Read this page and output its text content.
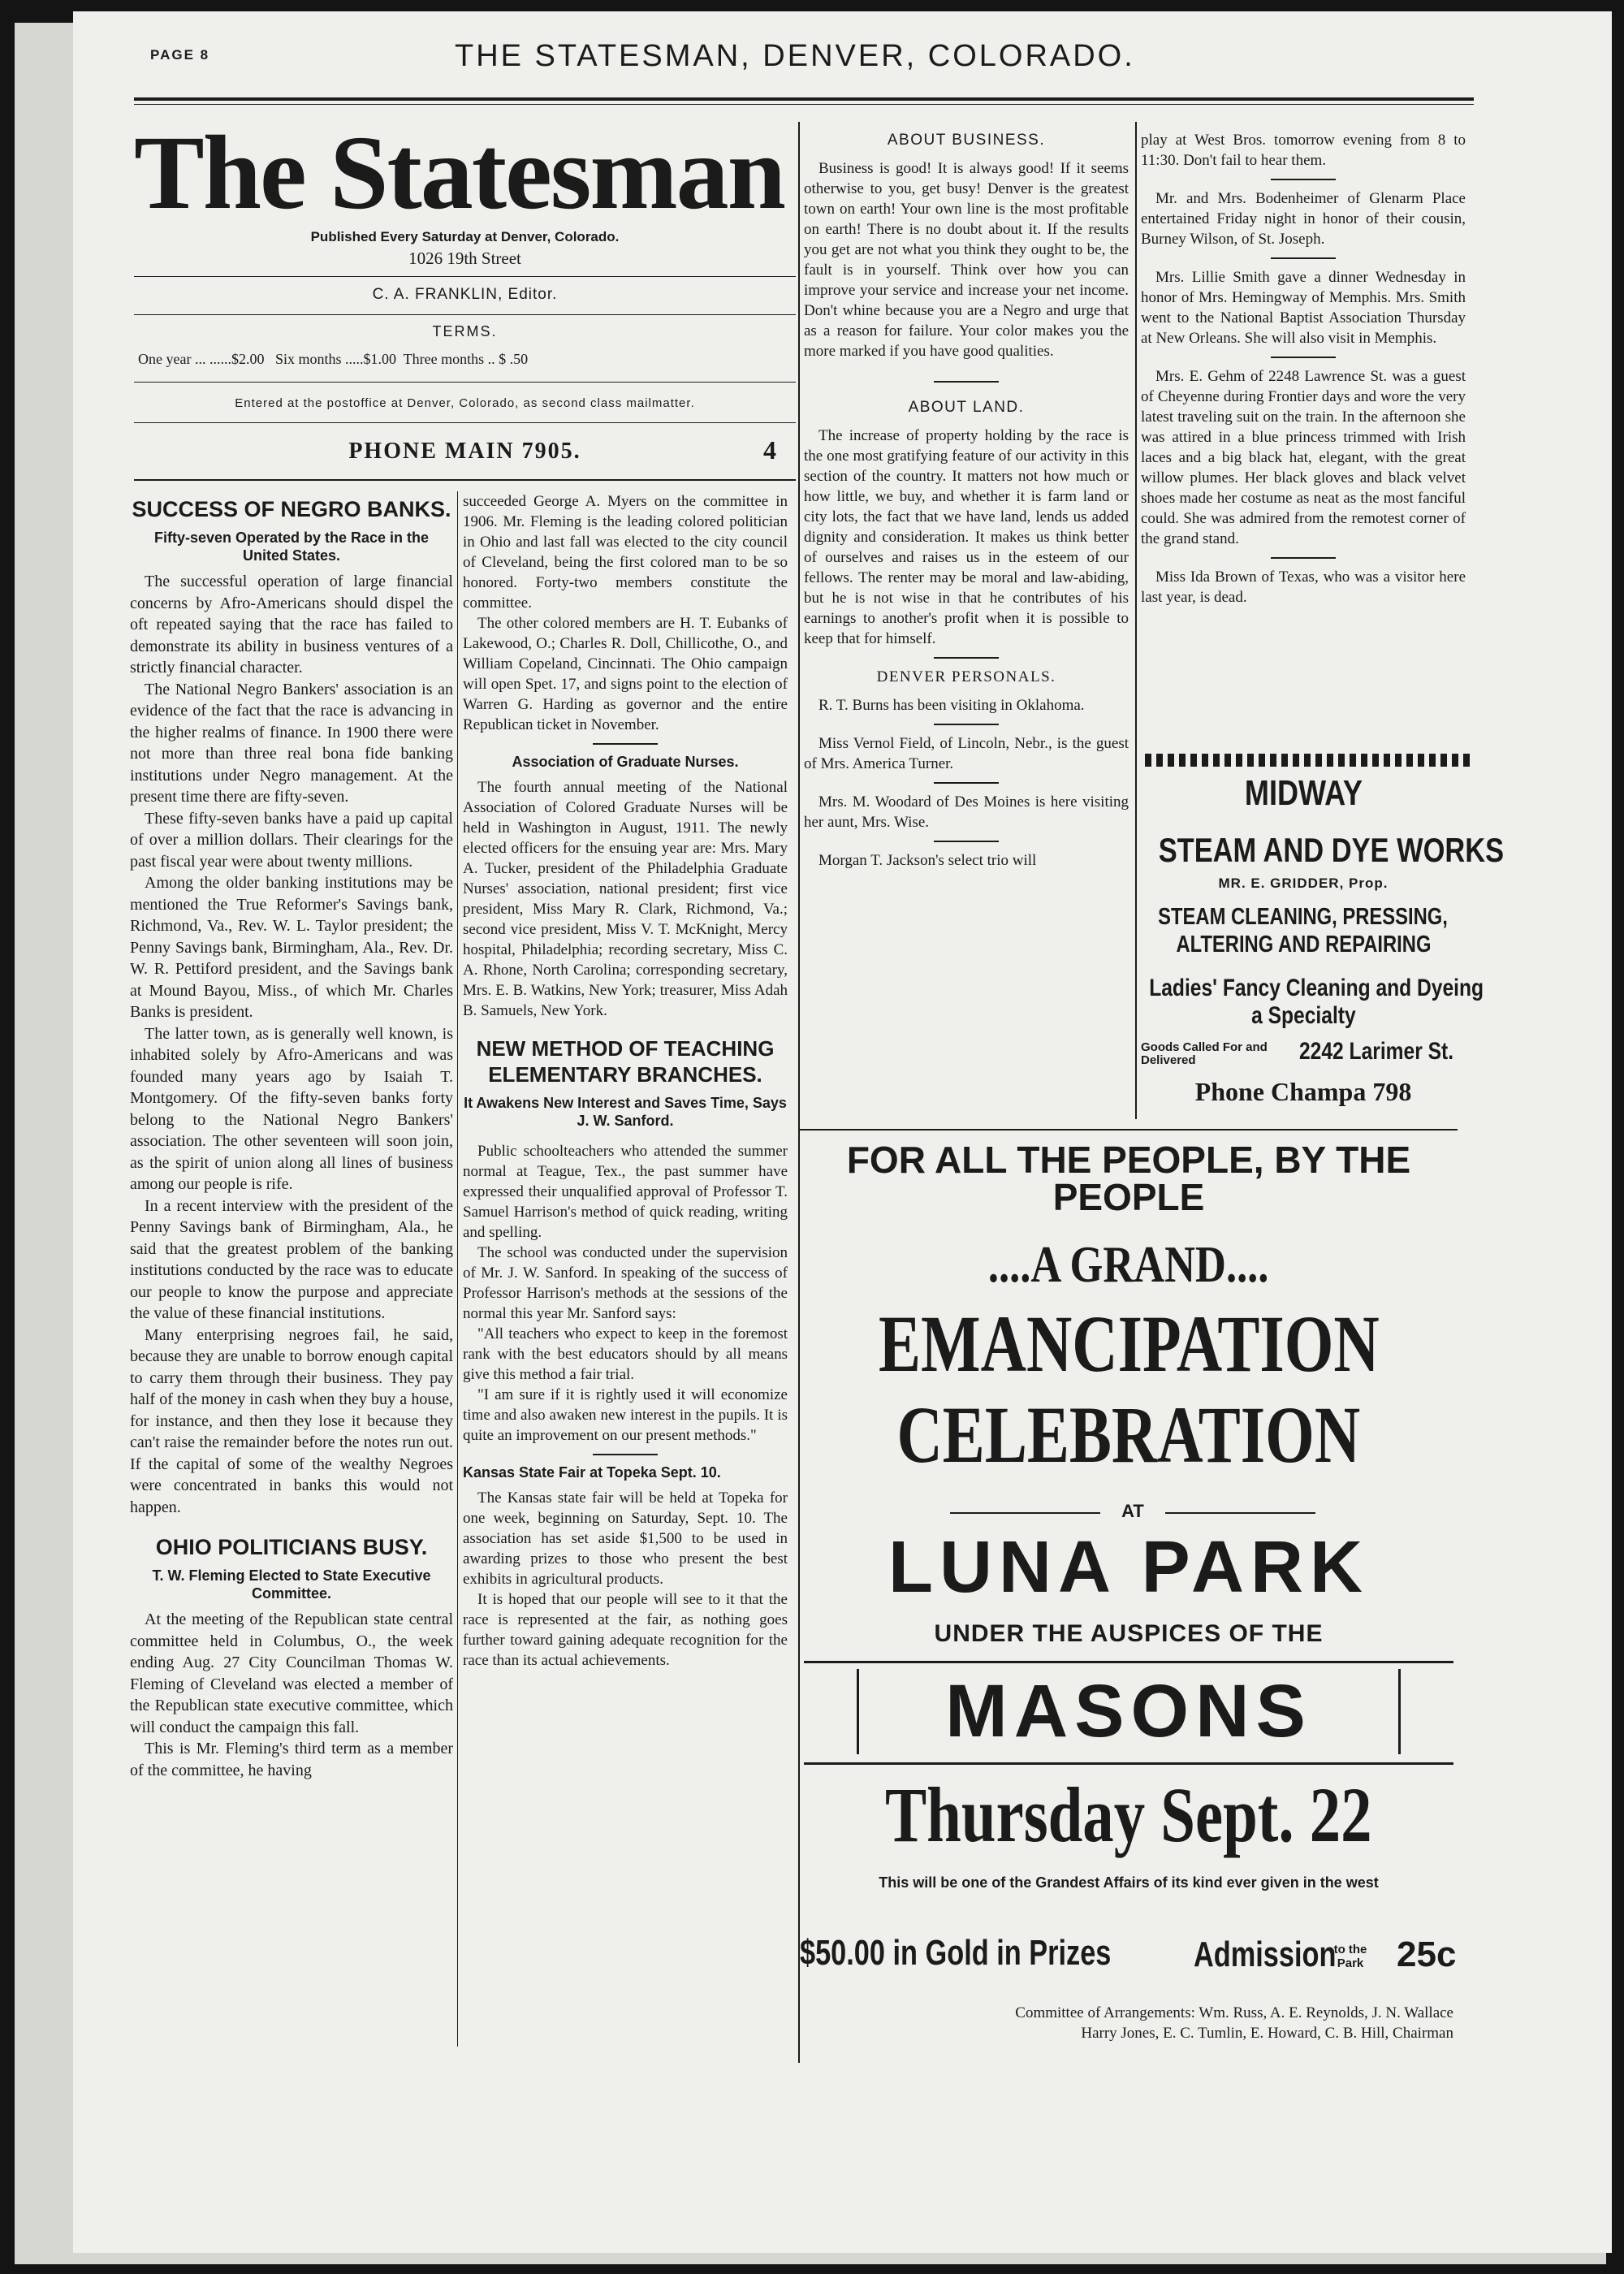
PAGE 8	THE STATESMAN, DENVER, COLORADO.
The Statesman
Published Every Saturday at Denver, Colorado.
1026 19th Street
C. A. FRANKLIN, Editor.
TERMS.
One year ... ......$2.00   Six months .....$1.00  Three months .. $ .50
Entered at the postoffice at Denver, Colorado, as second class mailmatter.
PHONE MAIN 7905.	4
SUCCESS OF NEGRO BANKS.
Fifty-seven Operated by the Race in the United States.

The successful operation of large financial concerns by Afro-Americans should dispel the oft repeated saying that the race has failed to demonstrate its ability in business ventures of a strictly financial character.

The National Negro Bankers' association is an evidence of the fact that the race is advancing in the higher realms of finance. In 1900 there were not more than three real bona fide banking institutions under Negro management. At the present time there are fifty-seven.

These fifty-seven banks have a paid up capital of over a million dollars. Their clearings for the past fiscal year were about twenty millions.

Among the older banking institutions may be mentioned the True Reformer's Savings bank, Richmond, Va., Rev. W. L. Taylor president; the Penny Savings bank, Birmingham, Ala., Rev. Dr. W. R. Pettiford president, and the Savings bank at Mound Bayou, Miss., of which Mr. Charles Banks is president.

The latter town, as is generally well known, is inhabited solely by Afro-Americans and was founded many years ago by Isaiah T. Montgomery. Of the fifty-seven banks forty belong to the National Negro Bankers' association. The other seventeen will soon join, as the spirit of union along all lines of business among our people is rife.

In a recent interview with the president of the Penny Savings bank of Birmingham, Ala., he said that the greatest problem of the banking institutions conducted by the race was to educate our people to know the purpose and appreciate the value of these financial institutions.

Many enterprising negroes fail, he said, because they are unable to borrow enough capital to carry them through their business. They pay half of the money in cash when they buy a house, for instance, and then they lose it because they can't raise the remainder before the notes run out. If the capital of some of the wealthy Negroes were concentrated in banks this would not happen.

OHIO POLITICIANS BUSY.
T. W. Fleming Elected to State Executive Committee.

At the meeting of the Republican state central committee held in Columbus, O., the week ending Aug. 27 City Councilman Thomas W. Fleming of Cleveland was elected a member of the Republican state executive committee, which will conduct the campaign this fall.

This is Mr. Fleming's third term as a member of the committee, he having

succeeded George A. Myers on the committee in 1906. Mr. Fleming is the leading colored politician in Ohio and last fall was elected to the city council of Cleveland, being the first colored man to be so honored. Forty-two members constitute the committee.

The other colored members are H. T. Eubanks of Lakewood, O.; Charles R. Doll, Chillicothe, O., and William Copeland, Cincinnati. The Ohio campaign will open Spet. 17, and signs point to the election of Warren G. Harding as governor and the entire Republican ticket in November.

Association of Graduate Nurses.

The fourth annual meeting of the National Association of Colored Graduate Nurses will be held in Washington in August, 1911. The newly elected officers for the ensuing year are: Mrs. Mary A. Tucker, president of the Philadelphia Graduate Nurses' association, national president; first vice president, Miss Mary R. Clark, Richmond, Va.; second vice president, Miss V. T. McKnight, Mercy hospital, Philadelphia; recording secretary, Miss C. A. Rhone, North Carolina; corresponding secretary, Mrs. E. B. Watkins, New York; treasurer, Miss Adah B. Samuels, New York.

NEW METHOD OF TEACHING ELEMENTARY BRANCHES.
It Awakens New Interest and Saves Time, Says J. W. Sanford.

Public schoolteachers who attended the summer normal at Teague, Tex., the past summer have expressed their unqualified approval of Professor T. Samuel Harrison's method of quick reading, writing and spelling.

The school was conducted under the supervision of Mr. J. W. Sanford. In speaking of the success of Professor Harrison's methods at the sessions of the normal this year Mr. Sanford says:

"All teachers who expect to keep in the foremost rank with the best educators should by all means give this method a fair trial.

"I am sure if it is rightly used it will economize time and also awaken new interest in the pupils. It is quite an improvement on our present methods."

Kansas State Fair at Topeka Sept. 10.

The Kansas state fair will be held at Topeka for one week, beginning on Saturday, Sept. 10. The association has set aside $1,500 to be used in awarding prizes to those who present the best exhibits in agricultural products.

It is hoped that our people will see to it that the race is represented at the fair, as nothing goes further toward gaining adequate recognition for the race than its actual achievements.

ABOUT BUSINESS.

Business is good! It is always good! If it seems otherwise to you, get busy! Denver is the greatest town on earth! Your own line is the most profitable on earth! There is no doubt about it. If the results you get are not what you think they ought to be, the fault is in yourself. Think over how you can improve your service and increase your net income. Don't whine because you are a Negro and urge that as a reason for failure. Your color makes you the more marked if you have good qualities.

ABOUT LAND.

The increase of property holding by the race is the one most gratifying feature of our activity in this section of the country. It matters not how much or how little, we buy, and whether it is farm land or city lots, the fact that we have land, lends us added dignity and consideration. It makes us think better of ourselves and raises us in the esteem of our fellows. The renter may be moral and law-abiding, but he is not wise in that he contributes of his earnings to another's profit when it is possible to keep that for himself.

DENVER PERSONALS.

R. T. Burns has been visiting in Oklahoma.

Miss Vernol Field, of Lincoln, Nebr., is the guest of Mrs. America Turner.

Mrs. M. Woodard of Des Moines is here visiting her aunt, Mrs. Wise.

Morgan T. Jackson's select trio will

play at West Bros. tomorrow evening from 8 to 11:30. Don't fail to hear them.

Mr. and Mrs. Bodenheimer of Glenarm Place entertained Friday night in honor of their cousin, Burney Wilson, of St. Joseph.

Mrs. Lillie Smith gave a dinner Wednesday in honor of Mrs. Hemingway of Memphis. Mrs. Smith went to the National Baptist Association Thursday at New Orleans. She will also visit in Memphis.

Mrs. E. Gehm of 2248 Lawrence St. was a guest of Cheyenne during Frontier days and wore the very latest traveling suit on the train. In the afternoon she was attired in a blue princess trimmed with Irish laces and a big black hat, elegant, with the great willow plumes. Her black gloves and black velvet shoes made her costume as neat as the most fanciful could. She was admired from the remotest corner of the grand stand.

Miss Ida Brown of Texas, who was a visitor here last year, is dead.

MIDWAY
STEAM AND DYE WORKS
MR. E. GRIDDER, Prop.
STEAM CLEANING, PRESSING,
ALTERING AND REPAIRING
Ladies' Fancy Cleaning and Dyeing
a Specialty
Goods Called For and Delivered	2242 Larimer St.
Phone Champa 798
FOR ALL THE PEOPLE, BY THE PEOPLE
....A GRAND....
EMANCIPATION
CELEBRATION
AT
LUNA PARK
UNDER THE AUSPICES OF THE
MASONS
Thursday Sept. 22
This will be one of the Grandest Affairs of its kind ever given in the west
$50.00 in Gold in Prizes	Admission
to the Park 25c
Committee of Arrangements: Wm. Russ, A. E. Reynolds, J. N. Wallace
Harry Jones, E. C. Tumlin, E. Howard, C. B. Hill, Chairman
